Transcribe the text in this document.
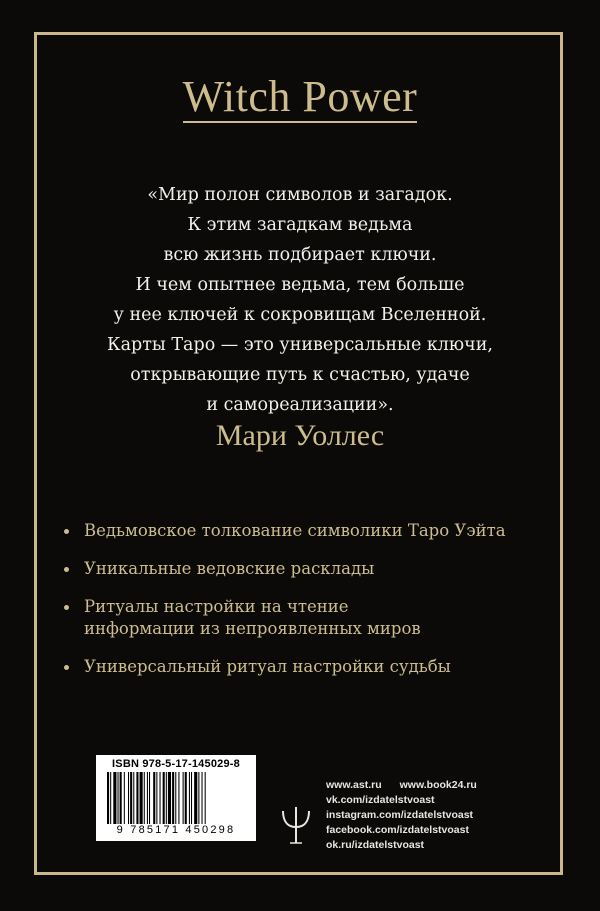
Witch Power
«Мир полон символов и загадок.
К этим загадкам ведьма
всю жизнь подбирает ключи.
И чем опытнее ведьма, тем больше
у нее ключей к сокровищам Вселенной.
Карты Таро — это универсальные ключи,
открывающие путь к счастью, удаче
и самореализации».
Мари Уоллес
Ведьмовское толкование символики Таро Уэйта
Уникальные ведовские расклады
Ритуалы настройки на чтение
информации из непроявленных миров
Универсальный ритуал настройки судьбы
ISBN 978-5-17-145029-8
9 785171 450298
www.ast.ru www.book24.ru
vk.com/izdatelstvoast
instagram.com/izdatelstvoast
facebook.com/izdatelstvoast
ok.ru/izdatelstvoast
